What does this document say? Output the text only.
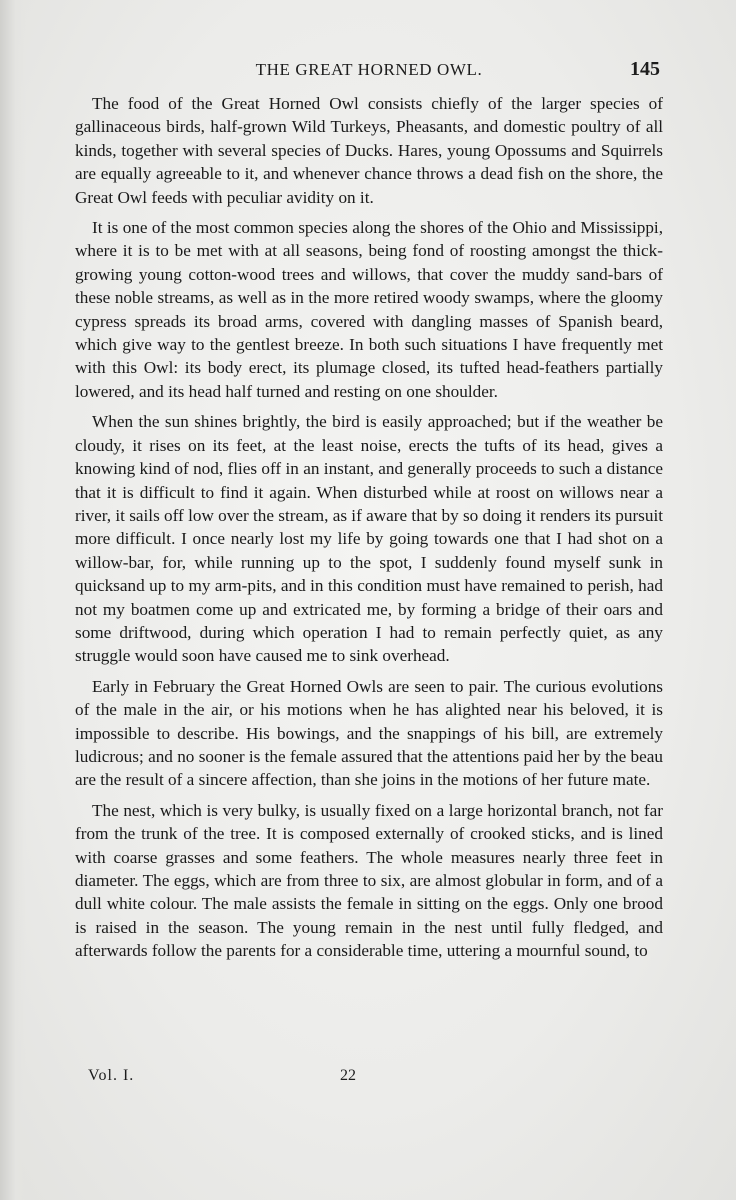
THE GREAT HORNED OWL.	145

The food of the Great Horned Owl consists chiefly of the larger species of gallinaceous birds, half-grown Wild Turkeys, Pheasants, and domestic poultry of all kinds, together with several species of Ducks. Hares, young Opossums and Squirrels are equally agreeable to it, and whenever chance throws a dead fish on the shore, the Great Owl feeds with peculiar avidity on it.

It is one of the most common species along the shores of the Ohio and Mississippi, where it is to be met with at all seasons, being fond of roosting amongst the thick-growing young cotton-wood trees and willows, that cover the muddy sand-bars of these noble streams, as well as in the more retired woody swamps, where the gloomy cypress spreads its broad arms, covered with dangling masses of Spanish beard, which give way to the gentlest breeze. In both such situations I have frequently met with this Owl: its body erect, its plumage closed, its tufted head-feathers partially lowered, and its head half turned and resting on one shoulder.

When the sun shines brightly, the bird is easily approached; but if the weather be cloudy, it rises on its feet, at the least noise, erects the tufts of its head, gives a knowing kind of nod, flies off in an instant, and generally proceeds to such a distance that it is difficult to find it again. When disturbed while at roost on willows near a river, it sails off low over the stream, as if aware that by so doing it renders its pursuit more difficult. I once nearly lost my life by going towards one that I had shot on a willow-bar, for, while running up to the spot, I suddenly found myself sunk in quicksand up to my arm-pits, and in this condition must have remained to perish, had not my boatmen come up and extricated me, by forming a bridge of their oars and some driftwood, during which operation I had to remain perfectly quiet, as any struggle would soon have caused me to sink overhead.

Early in February the Great Horned Owls are seen to pair. The curious evolutions of the male in the air, or his motions when he has alighted near his beloved, it is impossible to describe. His bowings, and the snappings of his bill, are extremely ludicrous; and no sooner is the female assured that the attentions paid her by the beau are the result of a sincere affection, than she joins in the motions of her future mate.

The nest, which is very bulky, is usually fixed on a large horizontal branch, not far from the trunk of the tree. It is composed externally of crooked sticks, and is lined with coarse grasses and some feathers. The whole measures nearly three feet in diameter. The eggs, which are from three to six, are almost globular in form, and of a dull white colour. The male assists the female in sitting on the eggs. Only one brood is raised in the season. The young remain in the nest until fully fledged, and afterwards follow the parents for a considerable time, uttering a mournful sound, to

Vol. I.	22
